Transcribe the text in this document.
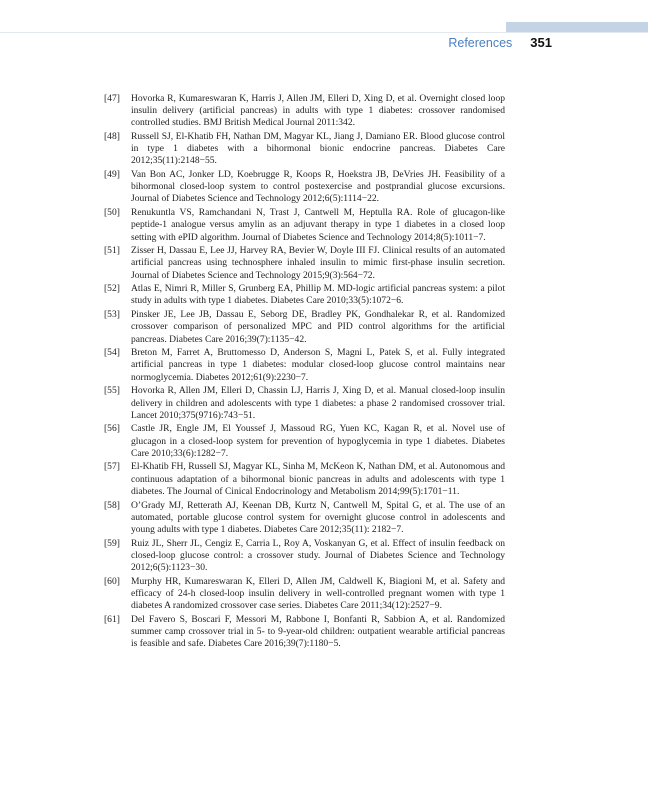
References 351
[47]	Hovorka R, Kumareswaran K, Harris J, Allen JM, Elleri D, Xing D, et al. Overnight closed loop insulin delivery (artificial pancreas) in adults with type 1 diabetes: crossover randomised controlled studies. BMJ British Medical Journal 2011:342.
[48]	Russell SJ, El-Khatib FH, Nathan DM, Magyar KL, Jiang J, Damiano ER. Blood glucose control in type 1 diabetes with a bihormonal bionic endocrine pancreas. Diabetes Care 2012;35(11):2148−55.
[49]	Van Bon AC, Jonker LD, Koebrugge R, Koops R, Hoekstra JB, DeVries JH. Feasibility of a bihormonal closed-loop system to control postexercise and postprandial glucose excursions. Journal of Diabetes Science and Technology 2012;6(5):1114−22.
[50]	Renukuntla VS, Ramchandani N, Trast J, Cantwell M, Heptulla RA. Role of glucagon-like peptide-1 analogue versus amylin as an adjuvant therapy in type 1 diabetes in a closed loop setting with ePID algorithm. Journal of Diabetes Science and Technology 2014;8(5):1011−7.
[51]	Zisser H, Dassau E, Lee JJ, Harvey RA, Bevier W, Doyle III FJ. Clinical results of an automated artificial pancreas using technosphere inhaled insulin to mimic first-phase insulin secretion. Journal of Diabetes Science and Technology 2015;9(3):564−72.
[52]	Atlas E, Nimri R, Miller S, Grunberg EA, Phillip M. MD-logic artificial pancreas system: a pilot study in adults with type 1 diabetes. Diabetes Care 2010;33(5):1072−6.
[53]	Pinsker JE, Lee JB, Dassau E, Seborg DE, Bradley PK, Gondhalekar R, et al. Randomized crossover comparison of personalized MPC and PID control algorithms for the artificial pancreas. Diabetes Care 2016;39(7):1135−42.
[54]	Breton M, Farret A, Bruttomesso D, Anderson S, Magni L, Patek S, et al. Fully integrated artificial pancreas in type 1 diabetes: modular closed-loop glucose control maintains near normoglycemia. Diabetes 2012;61(9):2230−7.
[55]	Hovorka R, Allen JM, Elleri D, Chassin LJ, Harris J, Xing D, et al. Manual closed-loop insulin delivery in children and adolescents with type 1 diabetes: a phase 2 randomised crossover trial. Lancet 2010;375(9716):743−51.
[56]	Castle JR, Engle JM, El Youssef J, Massoud RG, Yuen KC, Kagan R, et al. Novel use of glucagon in a closed-loop system for prevention of hypoglycemia in type 1 diabetes. Diabetes Care 2010;33(6):1282−7.
[57]	El-Khatib FH, Russell SJ, Magyar KL, Sinha M, McKeon K, Nathan DM, et al. Autonomous and continuous adaptation of a bihormonal bionic pancreas in adults and adolescents with type 1 diabetes. The Journal of Cinical Endocrinology and Metabolism 2014;99(5):1701−11.
[58]	O’Grady MJ, Retterath AJ, Keenan DB, Kurtz N, Cantwell M, Spital G, et al. The use of an automated, portable glucose control system for overnight glucose control in adolescents and young adults with type 1 diabetes. Diabetes Care 2012;35(11): 2182−7.
[59]	Ruiz JL, Sherr JL, Cengiz E, Carria L, Roy A, Voskanyan G, et al. Effect of insulin feedback on closed-loop glucose control: a crossover study. Journal of Diabetes Science and Technology 2012;6(5):1123−30.
[60]	Murphy HR, Kumareswaran K, Elleri D, Allen JM, Caldwell K, Biagioni M, et al. Safety and efficacy of 24-h closed-loop insulin delivery in well-controlled pregnant women with type 1 diabetes A randomized crossover case series. Diabetes Care 2011;34(12):2527−9.
[61]	Del Favero S, Boscari F, Messori M, Rabbone I, Bonfanti R, Sabbion A, et al. Randomized summer camp crossover trial in 5- to 9-year-old children: outpatient wearable artificial pancreas is feasible and safe. Diabetes Care 2016;39(7):1180−5.
